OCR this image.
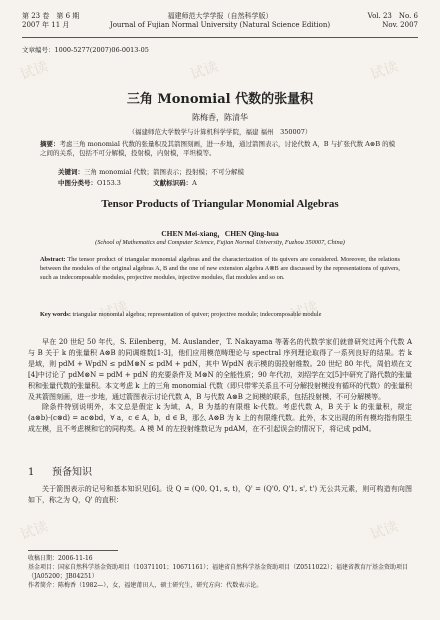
试读	试读	试读
试读	试读
试读	试读
第 23 卷　第 6 期
2007 年 11 月
福建师范大学学报（自然科学版）
Journal of Fujian Normal University (Natural Science Edition)
Vol. 23　No. 6
Nov. 2007
文章编号：1000-5277(2007)06-0013-05
三角 Monomial 代数的张量积
陈梅香，陈清华
（福建师范大学数学与计算机科学学院，福建 福州　350007）
摘要：考虑三角 monomial 代数的张量积及其箭图刻画，进一步地，通过箭图表示，讨论代数 A，B 与扩张代数 A⊗B 的模之间的关系，包括不可分解模，投射模，内射模，平坦模等。
关键词：三角 monomial 代数；箭图表示；投射模；不可分解模
中图分类号：O153.3	文献标识码：A
Tensor Products of Triangular Monomial Algebras
CHEN Mei-xiang，CHEN Qing-hua
(School of Mathematics and Computer Science, Fujian Normal University, Fuzhou 350007, China)
Abstract: The tensor product of triangular monomial algebras and the characterization of its quivers are considered. Moreover, the relations between the modules of the original algebras A, B and the one of new extension algebra A⊗B are discussed by the representations of quivers, such as indecomposable modules, projective modules, injective modules, flat modules and so on.
Key words: triangular monomial algebra; representation of quiver; projective module; indecomposable module
早在 20 世纪 50 年代，S. Eilenberg，M. Auslander，T. Nakayama 等著名的代数学家们就曾研究过两个代数 A 与 B 关于 k 的张量积 A⊗B 的同调维数[1-3]，他们应用模范畴理论与 spectral 序列理论取得了一系列良好的结果。若 k 是域，则 pdM + WpdN ≤ pdM⊗N ≤ pdM + pdN，其中 WpdN 表示模的弱投射维数。20 世纪 80 年代，周伯埙在文[4]中讨论了 pdM⊗N = pdM + pdN 的充要条件及 M⊗N 的全能性质；90 年代初，刘绍学在文[5]中研究了路代数的张量积和张量代数的张量积。本文考虑 k 上的三角 monomial 代数（即只带零关系且不可分解投射模没有循环的代数）的张量积及其箭图刻画，进一步地，通过箭图表示讨论代数 A，B 与代数 A⊗B 之间模的联系，包括投射模、不可分解模等。
除条件特别说明外，本文总是假定 k 为域，A，B 为基的有限维 k-代数。考虑代数 A，B 关于 k 的张量积，规定 (a⊗b)·(c⊗d) = ac⊗bd，∀ a，c ∈ A，b，d ∈ B，那么 A⊗B 为 k 上的有限维代数。此外，本文出现的所有模均指有限生成左模，且不考虑模和它的同构类。A 模 M 的左投射维数记为 pdAM，在不引起误会的情况下，将记成 pdM。
1 预备知识
关于箭图表示的记号和基本知识见[6]。设 Q = (Q0, Q1, s, t)，Q' = (Q'0, Q'1, s', t') 无公共元素，则可构造有向图如下，称之为 Q，Q' 的直积：
收稿日期：2006-11-16
基金项目：国家自然科学基金资助项目（10371101；10671161）；福建省自然科学基金资助项目（Z0511022）；福建省教育厅基金资助项目（JA05200；JB04251）
作者简介：陈梅香（1982—），女，福建莆田人，硕士研究生，研究方向：代数表示论。
